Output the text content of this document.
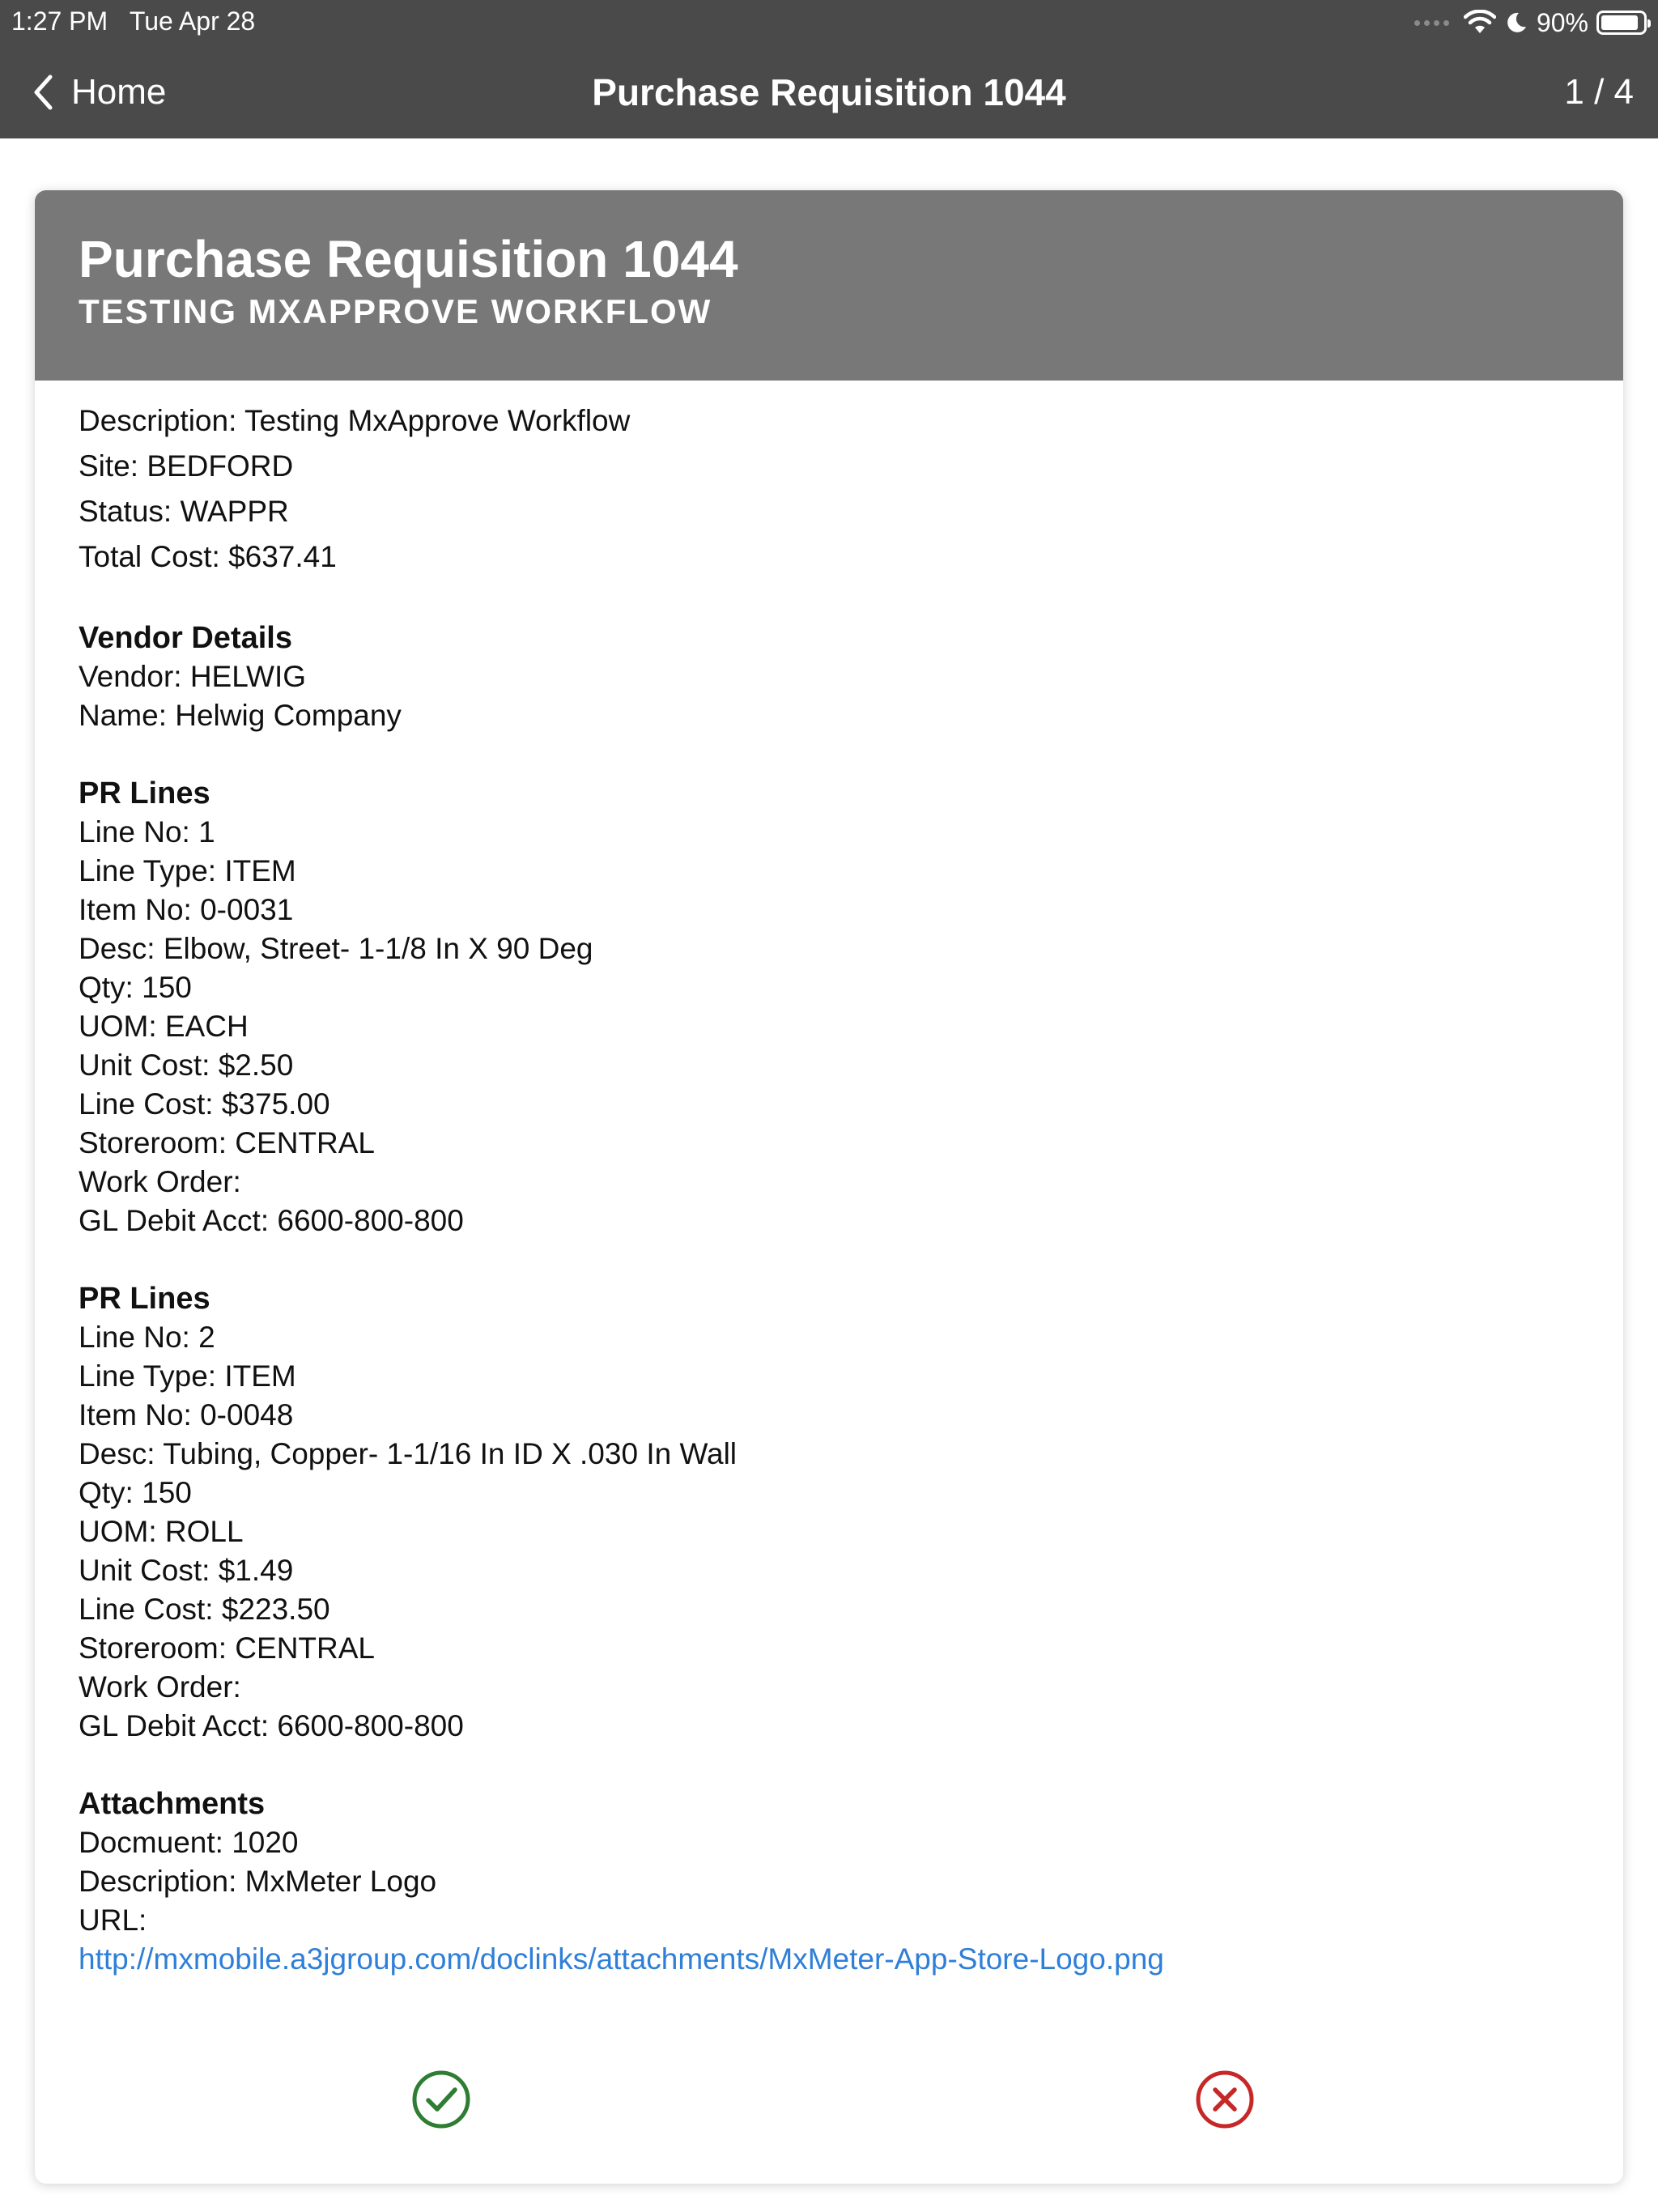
1:27 PM Tue Apr 28	90%
Home	Purchase Requisition 1044	1 / 4
Purchase Requisition 1044
TESTING MXAPPROVE WORKFLOW
Description: Testing MxApprove Workflow
Site: BEDFORD
Status: WAPPR
Total Cost: $637.41
Vendor Details
Vendor: HELWIG
Name: Helwig Company
PR Lines
Line No: 1
Line Type: ITEM
Item No: 0-0031
Desc: Elbow, Street- 1-1/8 In X 90 Deg
Qty: 150
UOM: EACH
Unit Cost: $2.50
Line Cost: $375.00
Storeroom: CENTRAL
Work Order:
GL Debit Acct: 6600-800-800
PR Lines
Line No: 2
Line Type: ITEM
Item No: 0-0048
Desc: Tubing, Copper- 1-1/16 In ID X .030 In Wall
Qty: 150
UOM: ROLL
Unit Cost: $1.49
Line Cost: $223.50
Storeroom: CENTRAL
Work Order:
GL Debit Acct: 6600-800-800
Attachments
Docmuent: 1020
Description: MxMeter Logo
URL:
http://mxmobile.a3jgroup.com/doclinks/attachments/MxMeter-App-Store-Logo.png
